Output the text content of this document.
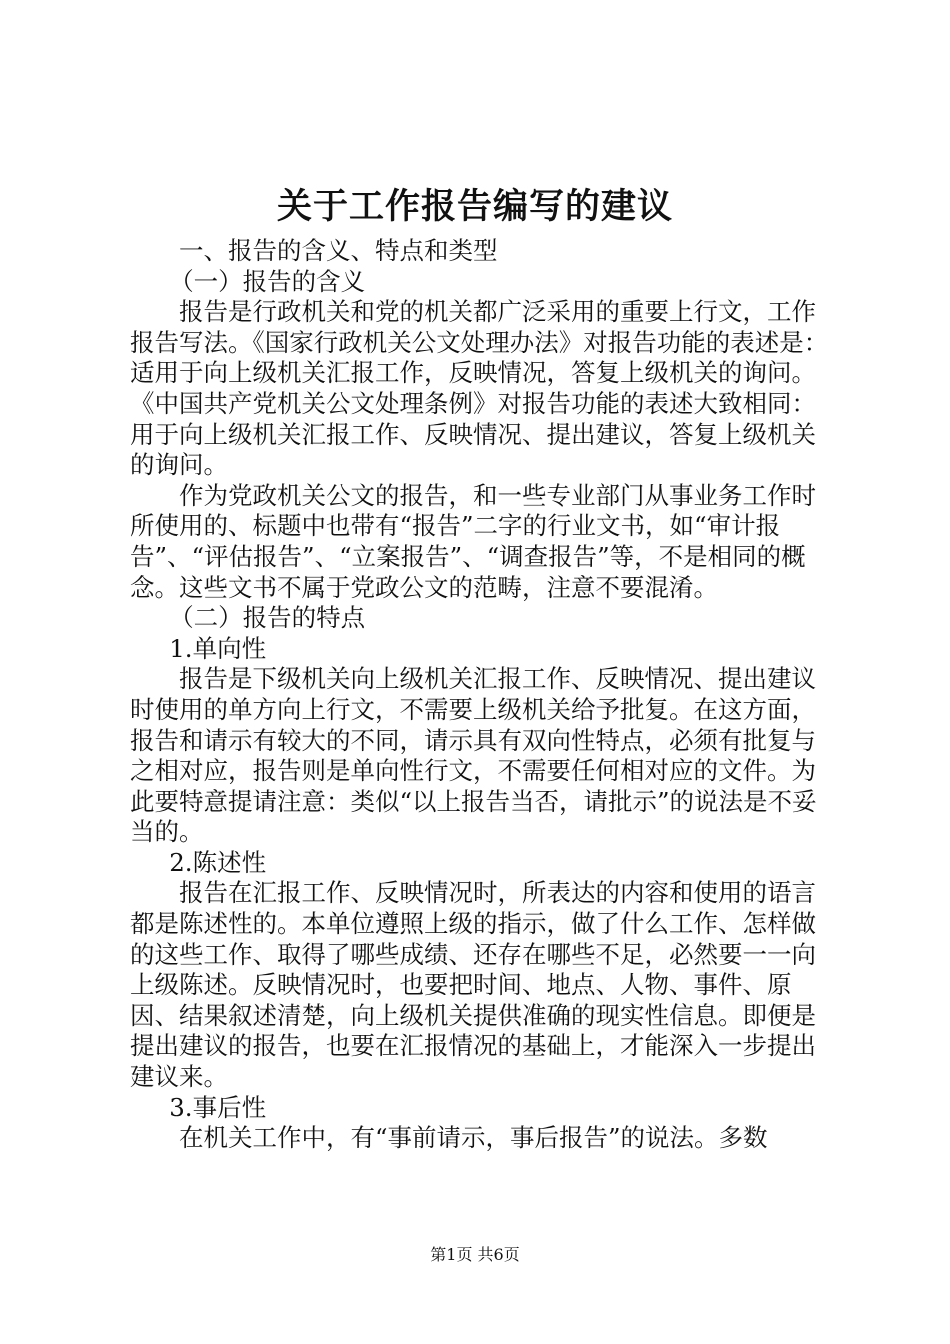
关于工作报告编写的建议

一、报告的含义、特点和类型

（一）报告的含义

报告是行政机关和党的机关都广泛采用的重要上行文，工作报告写法。《国家行政机关公文处理办法》对报告功能的表述是：适用于向上级机关汇报工作，反映情况，答复上级机关的询问。《中国共产党机关公文处理条例》对报告功能的表述大致相同：用于向上级机关汇报工作、反映情况、提出建议，答复上级机关的询问。

作为党政机关公文的报告，和一些专业部门从事业务工作时所使用的、标题中也带有“报告”二字的行业文书，如“审计报告”、“评估报告”、“立案报告”、“调查报告”等，不是相同的概念。这些文书不属于党政公文的范畴，注意不要混淆。

（二）报告的特点

1.单向性

报告是下级机关向上级机关汇报工作、反映情况、提出建议时使用的单方向上行文，不需要上级机关给予批复。在这方面，报告和请示有较大的不同，请示具有双向性特点，必须有批复与之相对应，报告则是单向性行文，不需要任何相对应的文件。为此要特意提请注意：类似“以上报告当否，请批示”的说法是不妥当的。

2.陈述性

报告在汇报工作、反映情况时，所表达的内容和使用的语言都是陈述性的。本单位遵照上级的指示，做了什么工作、怎样做的这些工作、取得了哪些成绩、还存在哪些不足，必然要一一向上级陈述。反映情况时，也要把时间、地点、人物、事件、原因、结果叙述清楚，向上级机关提供准确的现实性信息。即便是提出建议的报告，也要在汇报情况的基础上，才能深入一步提出建议来。

3.事后性

在机关工作中，有“事前请示，事后报告”的说法。多数

第1页 共6页
